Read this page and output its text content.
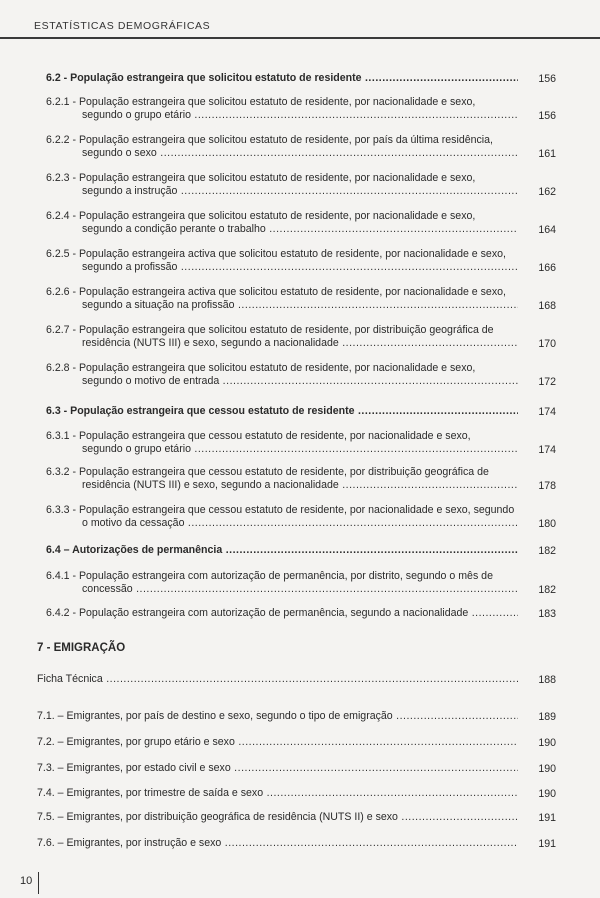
ESTATÍSTICAS DEMOGRÁFICAS
6.2 - População estrangeira que solicitou estatuto de residente .....	156
6.2.1 - População estrangeira que solicitou estatuto de residente, por nacionalidade e sexo,
segundo o grupo etário .....	156
6.2.2 - População estrangeira que solicitou estatuto de residente, por país da última residência,
segundo o sexo .....	161
6.2.3 - População estrangeira que solicitou estatuto de residente, por nacionalidade e sexo,
segundo a instrução .....	162
6.2.4 - População estrangeira que solicitou estatuto de residente, por nacionalidade e sexo,
segundo a condição perante o trabalho .....	164
6.2.5 - População estrangeira activa que solicitou estatuto de residente, por nacionalidade e sexo,
segundo a profissão .....	166
6.2.6 - População estrangeira activa que solicitou estatuto de residente, por nacionalidade e sexo,
segundo a situação na profissão .....	168
6.2.7 - População estrangeira que solicitou estatuto de residente, por distribuição geográfica de
residência (NUTS III) e sexo, segundo a nacionalidade .....	170
6.2.8 - População estrangeira que solicitou estatuto de residente, por nacionalidade e sexo,
segundo o motivo de entrada .....	172
6.3 - População estrangeira que cessou estatuto de residente .....	174
6.3.1 - População estrangeira que cessou estatuto de residente, por nacionalidade e sexo,
segundo o grupo etário .....	174
6.3.2 - População estrangeira que cessou estatuto de residente, por distribuição geográfica de
residência (NUTS III) e sexo, segundo a nacionalidade .....	178
6.3.3 - População estrangeira que cessou estatuto de residente, por nacionalidade e sexo, segundo
o motivo da cessação .....	180
6.4 – Autorizações de permanência .....	182
6.4.1 - População estrangeira com autorização de permanência, por distrito, segundo o mês de
concessão .....	182
6.4.2 - População estrangeira com autorização de permanência, segundo a nacionalidade .....	183
Ficha Técnica .....	188
7.1. – Emigrantes, por país de destino e sexo, segundo o tipo de emigração .....	189
7.2. – Emigrantes, por grupo etário e sexo .....	190
7.3. – Emigrantes, por estado civil e sexo .....	190
7.4. – Emigrantes, por trimestre de saída e sexo .....	190
7.5. – Emigrantes, por distribuição geográfica de residência (NUTS II) e sexo .....	191
7.6. – Emigrantes, por instrução e sexo .....	191
7 - EMIGRAÇÃO
10
